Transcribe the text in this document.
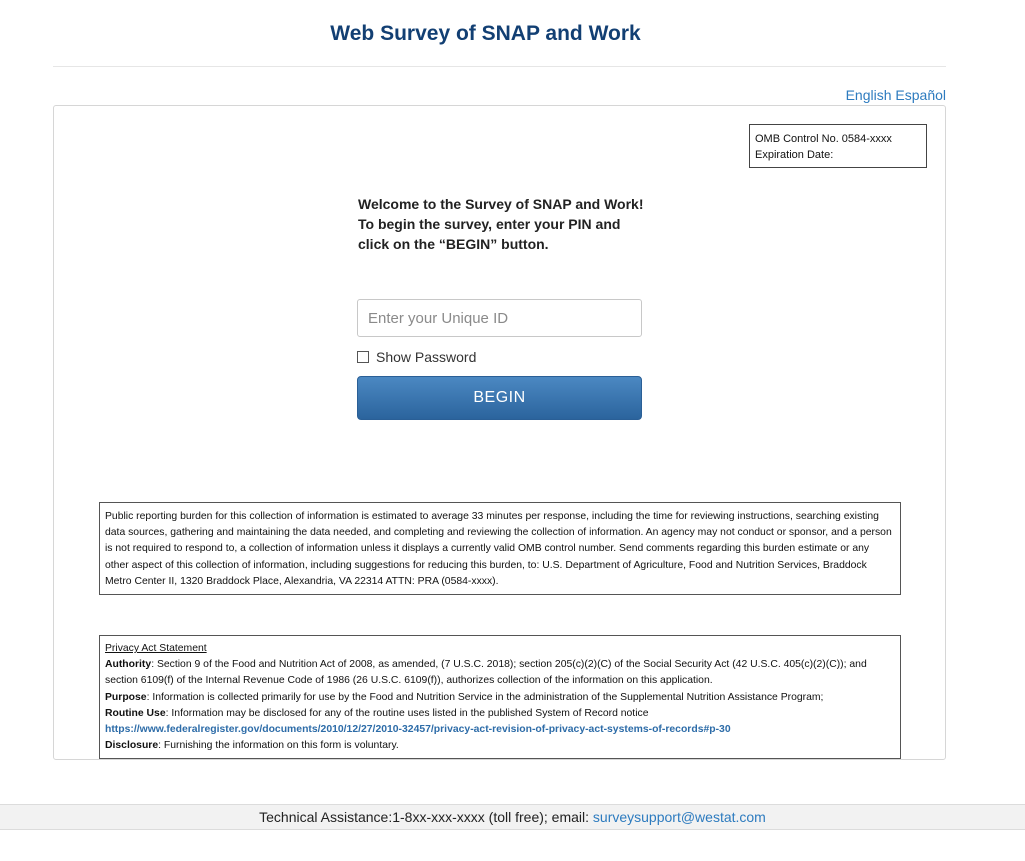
Web Survey of SNAP and Work
English Español
OMB Control No. 0584-xxxx
Expiration Date:
Welcome to the Survey of SNAP and Work!
To begin the survey, enter your PIN and
click on the “BEGIN” button.
Show Password
BEGIN
Public reporting burden for this collection of information is estimated to average 33 minutes per response, including the time for reviewing instructions, searching existing data sources, gathering and maintaining the data needed, and completing and reviewing the collection of information. An agency may not conduct or sponsor, and a person is not required to respond to, a collection of information unless it displays a currently valid OMB control number. Send comments regarding this burden estimate or any other aspect of this collection of information, including suggestions for reducing this burden, to: U.S. Department of Agriculture, Food and Nutrition Services, Braddock Metro Center II, 1320 Braddock Place, Alexandria, VA 22314 ATTN: PRA (0584-xxxx).
Privacy Act Statement
Authority: Section 9 of the Food and Nutrition Act of 2008, as amended, (7 U.S.C. 2018); section 205(c)(2)(C) of the Social Security Act (42 U.S.C. 405(c)(2)(C)); and section 6109(f) of the Internal Revenue Code of 1986 (26 U.S.C. 6109(f)), authorizes collection of the information on this application.
Purpose: Information is collected primarily for use by the Food and Nutrition Service in the administration of the Supplemental Nutrition Assistance Program;
Routine Use: Information may be disclosed for any of the routine uses listed in the published System of Record notice
https://www.federalregister.gov/documents/2010/12/27/2010-32457/privacy-act-revision-of-privacy-act-systems-of-records#p-30
Disclosure: Furnishing the information on this form is voluntary.
Technical Assistance:1-8xx-xxx-xxxx (toll free); email: surveysupport@westat.com
